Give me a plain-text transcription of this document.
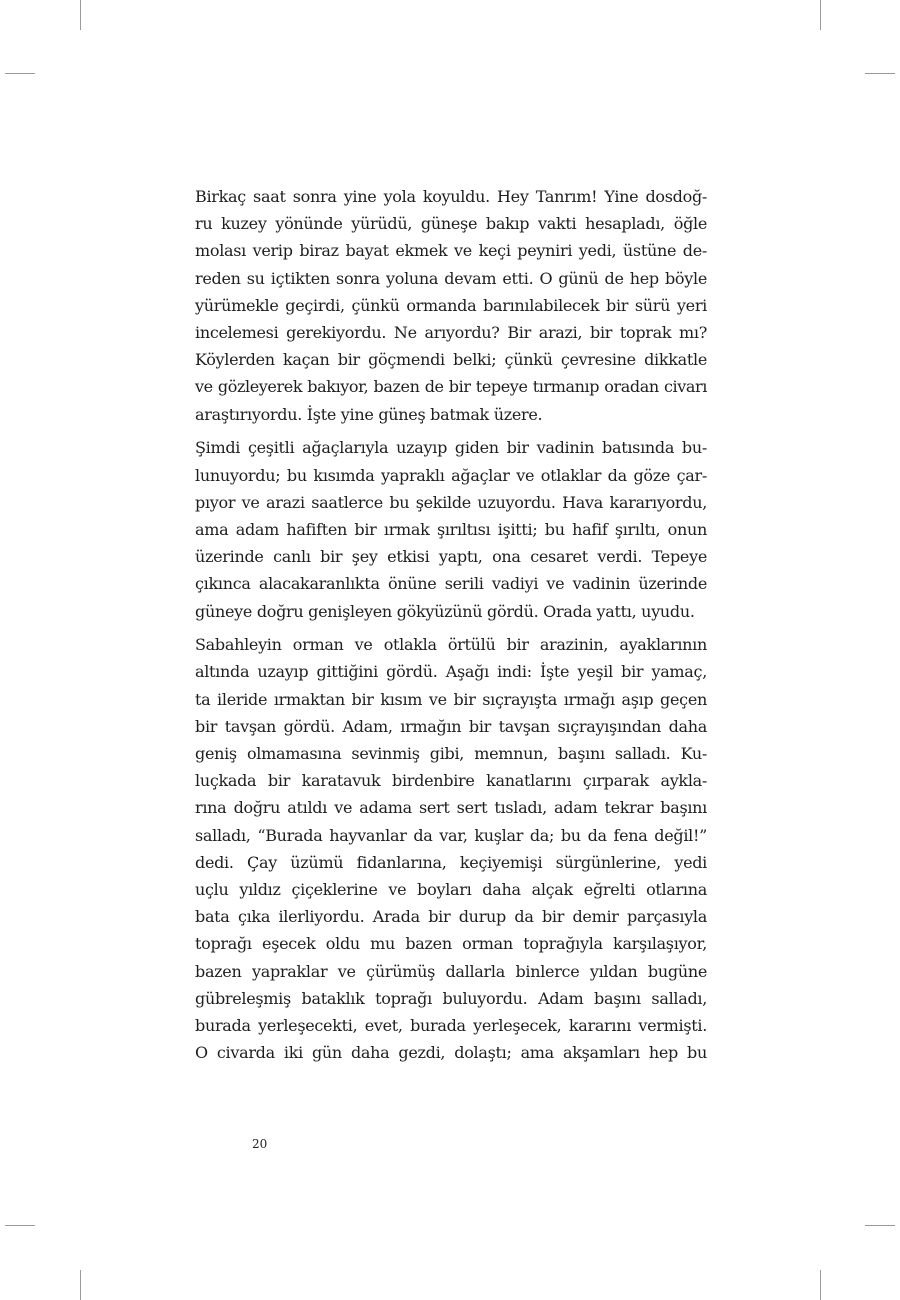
Birkaç saat sonra yine yola koyuldu. Hey Tanrım! Yine dosdoğ-
ru kuzey yönünde yürüdü, güneşe bakıp vakti hesapladı, öğle
molası verip biraz bayat ekmek ve keçi peyniri yedi, üstüne de-
reden su içtikten sonra yoluna devam etti. O günü de hep böyle
yürümekle geçirdi, çünkü ormanda barınılabilecek bir sürü yeri
incelemesi gerekiyordu. Ne arıyordu? Bir arazi, bir toprak mı?
Köylerden kaçan bir göçmendi belki; çünkü çevresine dikkatle
ve gözleyerek bakıyor, bazen de bir tepeye tırmanıp oradan civarı
araştırıyordu. İşte yine güneş batmak üzere.
Şimdi çeşitli ağaçlarıyla uzayıp giden bir vadinin batısında bu-
lunuyordu; bu kısımda yapraklı ağaçlar ve otlaklar da göze çar-
pıyor ve arazi saatlerce bu şekilde uzuyordu. Hava kararıyordu,
ama adam hafiften bir ırmak şırıltısı işitti; bu hafif şırıltı, onun
üzerinde canlı bir şey etkisi yaptı, ona cesaret verdi. Tepeye
çıkınca alacakaranlıkta önüne serili vadiyi ve vadinin üzerinde
güneye doğru genişleyen gökyüzünü gördü. Orada yattı, uyudu.
Sabahleyin orman ve otlakla örtülü bir arazinin, ayaklarının
altında uzayıp gittiğini gördü. Aşağı indi: İşte yeşil bir yamaç,
ta ileride ırmaktan bir kısım ve bir sıçrayışta ırmağı aşıp geçen
bir tavşan gördü. Adam, ırmağın bir tavşan sıçrayışından daha
geniş olmamasına sevinmiş gibi, memnun, başını salladı. Ku-
luçkada bir karatavuk birdenbire kanatlarını çırparak aykla-
rına doğru atıldı ve adama sert sert tısladı, adam tekrar başını
salladı, “Burada hayvanlar da var, kuşlar da; bu da fena değil!”
dedi. Çay üzümü fidanlarına, keçiyemişi sürgünlerine, yedi
uçlu yıldız çiçeklerine ve boyları daha alçak eğrelti otlarına
bata çıka ilerliyordu. Arada bir durup da bir demir parçasıyla
toprağı eşecek oldu mu bazen orman toprağıyla karşılaşıyor,
bazen yapraklar ve çürümüş dallarla binlerce yıldan bugüne
gübreleşmiş bataklık toprağı buluyordu. Adam başını salladı,
burada yerleşecekti, evet, burada yerleşecek, kararını vermişti.
O civarda iki gün daha gezdi, dolaştı; ama akşamları hep bu
20
